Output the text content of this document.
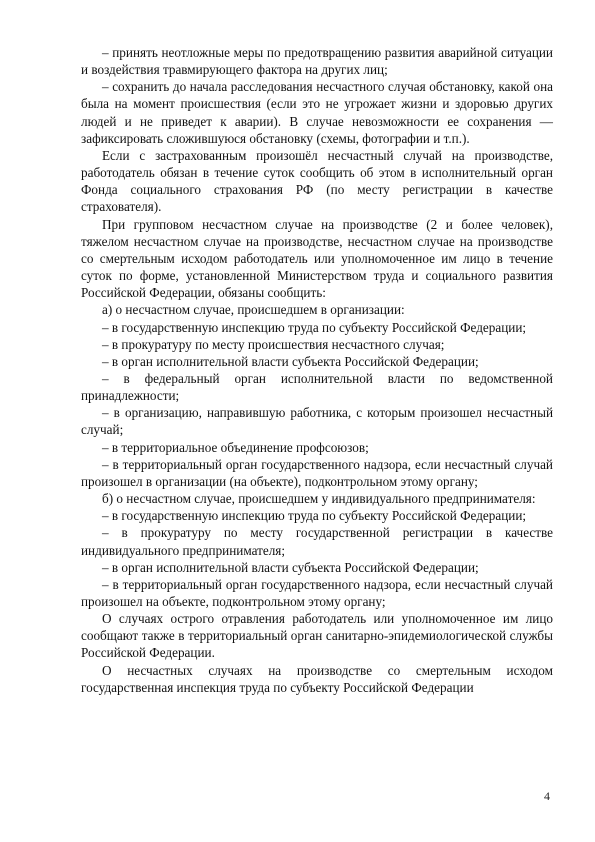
– принять неотложные меры по предотвращению развития аварийной ситуации и воздействия травмирующего фактора на других лиц;

– сохранить до начала расследования несчастного случая обстановку, какой она была на момент происшествия (если это не угрожает жизни и здоровью других людей и не приведет к аварии). В случае невозможности ее сохранения — зафиксировать сложившуюся обстановку (схемы, фотографии и т.п.).

Если с застрахованным произошёл несчастный случай на производстве, работодатель обязан в течение суток сообщить об этом в исполнительный орган Фонда социального страхования РФ (по месту регистрации в качестве страхователя).

При групповом несчастном случае на производстве (2 и более человек), тяжелом несчастном случае на производстве, несчастном случае на производстве со смертельным исходом работодатель или уполномоченное им лицо в течение суток по форме, установленной Министерством труда и социального развития Российской Федерации, обязаны сообщить:

а) о несчастном случае, происшедшем в организации:

– в государственную инспекцию труда по субъекту Российской Федерации;

– в прокуратуру по месту происшествия несчастного случая;

– в орган исполнительной власти субъекта Российской Федерации;

– в федеральный орган исполнительной власти по ведомственной принадлежности;

– в организацию, направившую работника, с которым произошел несчастный случай;

– в территориальное объединение профсоюзов;

– в территориальный орган государственного надзора, если несчастный случай произошел в организации (на объекте), подконтрольном этому органу;

б) о несчастном случае, происшедшем у индивидуального предпринимателя:

– в государственную инспекцию труда по субъекту Российской Федерации;

– в прокуратуру по месту государственной регистрации в качестве индивидуального предпринимателя;

– в орган исполнительной власти субъекта Российской Федерации;

– в территориальный орган государственного надзора, если несчастный случай произошел на объекте, подконтрольном этому органу;

О случаях острого отравления работодатель или уполномоченное им лицо сообщают также в территориальный орган санитарно-эпидемиологической службы Российской Федерации.

О несчастных случаях на производстве со смертельным исходом государственная инспекция труда по субъекту Российской Федерации

4
